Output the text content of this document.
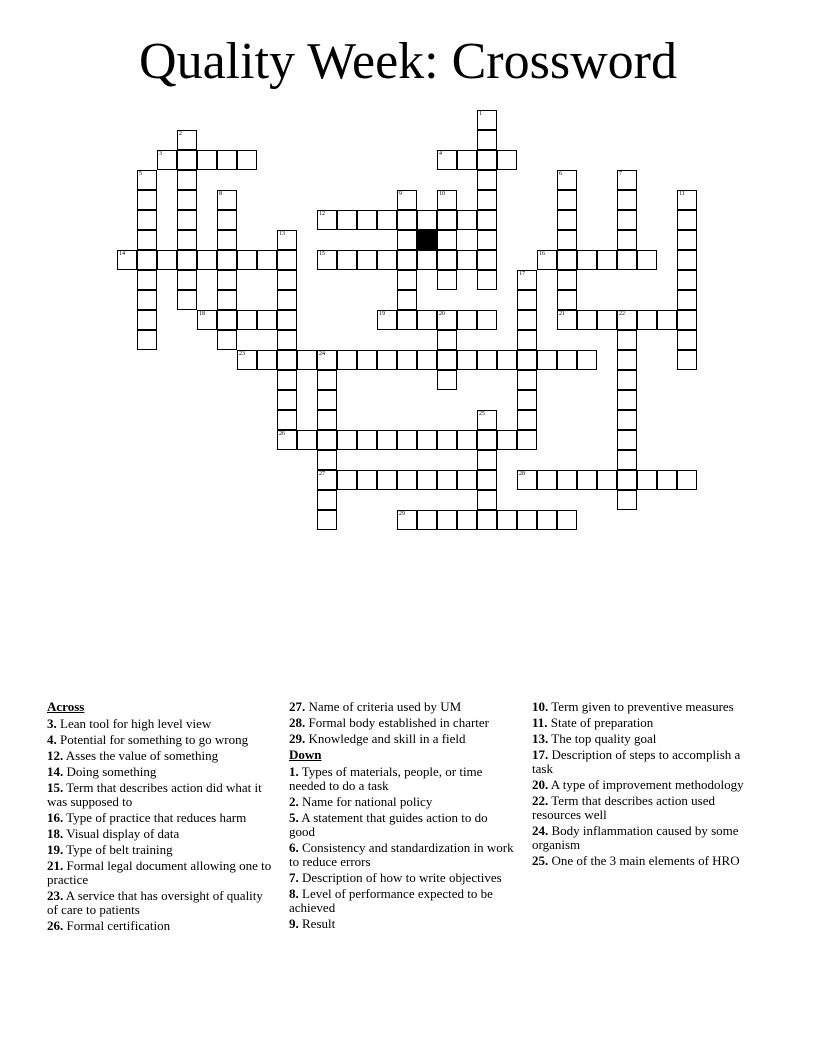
Quality Week: Crossword
1
2
5	6	7
8	9	10	11
13
17
20	22
24
27
25
3	4
12
14	15	16
18	19	21
23
26
28
29
Across
3. Lean tool for high level view
4. Potential for something to go wrong
12. Asses the value of something
14. Doing something
15. Term that describes action did what it was supposed to
16. Type of practice that reduces harm
18. Visual display of data
19. Type of belt training
21. Formal legal document allowing one to practice
23. A service that has oversight of quality of care to patients
26. Formal certification
27. Name of criteria used by UM
28. Formal body established in charter
29. Knowledge and skill in a field
Down
1. Types of materials, people, or time needed to do a task
2. Name for national policy
5. A statement that guides action to do good
6. Consistency and standardization in work to reduce errors
7. Description of how to write objectives
8. Level of performance expected to be achieved
9. Result
10. Term given to preventive measures
11. State of preparation
13. The top quality goal
17. Description of steps to accomplish a task
20. A type of improvement methodology
22. Term that describes action used resources well
24. Body inflammation caused by some organism
25. One of the 3 main elements of HRO
